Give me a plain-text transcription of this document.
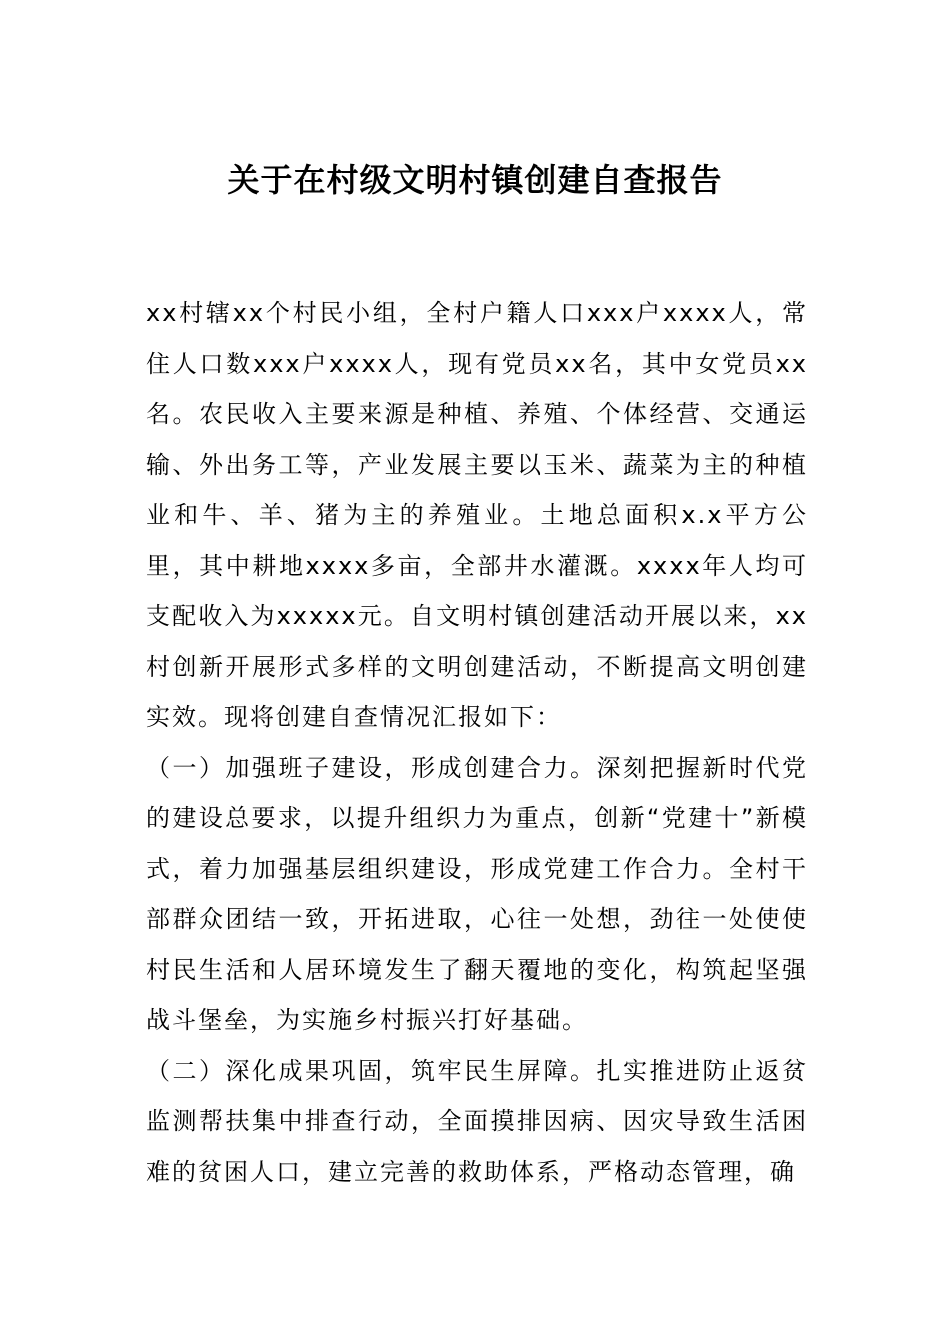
关于在村级文明村镇创建自查报告

xx村辖xx个村民小组，全村户籍人口xxx户xxxx人，常住人口数xxx户xxxx人，现有党员xx名，其中女党员xx名。农民收入主要来源是种植、养殖、个体经营、交通运输、外出务工等，产业发展主要以玉米、蔬菜为主的种植业和牛、羊、猪为主的养殖业。土地总面积x.x平方公里，其中耕地xxxx多亩，全部井水灌溉。xxxx年人均可支配收入为xxxxx元。自文明村镇创建活动开展以来，xx村创新开展形式多样的文明创建活动，不断提高文明创建实效。现将创建自查情况汇报如下：

（一）加强班子建设，形成创建合力。深刻把握新时代党的建设总要求，以提升组织力为重点，创新“党建十”新模式，着力加强基层组织建设，形成党建工作合力。全村干部群众团结一致，开拓进取，心往一处想，劲往一处使使村民生活和人居环境发生了翻天覆地的变化，构筑起坚强战斗堡垒，为实施乡村振兴打好基础。

（二）深化成果巩固，筑牢民生屏障。扎实推进防止返贫监测帮扶集中排查行动，全面摸排因病、因灾导致生活困难的贫困人口，建立完善的救助体系，严格动态管理，确
